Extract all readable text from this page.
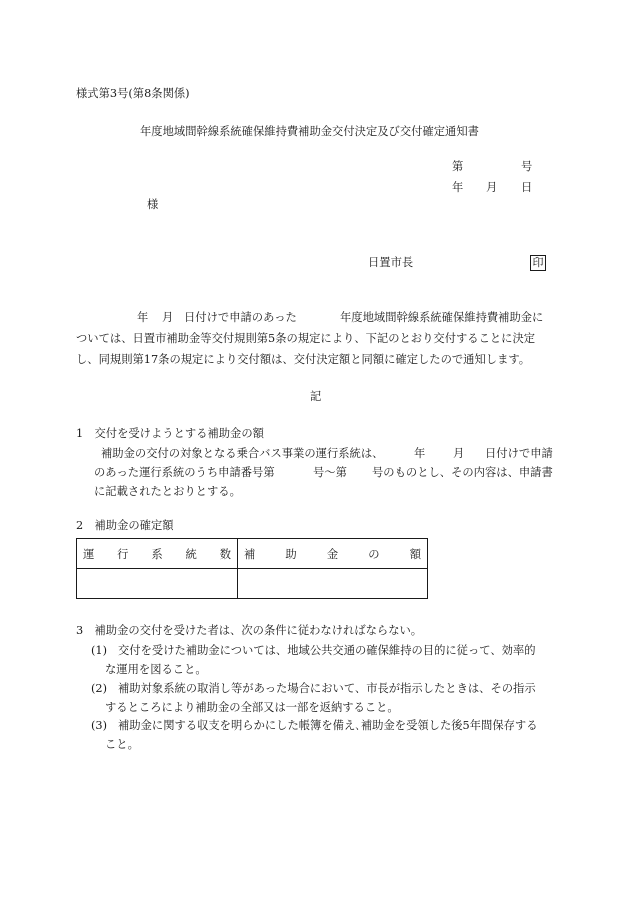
様式第3号(第8条関係)
年度地域間幹線系統確保維持費補助金交付決定及び交付確定通知書
第	号
年 月 日
様
日置市長	印
年 月 日付けで申請のあった	年度地域間幹線系統確保維持費補助金に
ついては、日置市補助金等交付規則第5条の規定により、下記のとおり交付することに決定
し、同規則第17条の規定により交付額は、交付決定額と同額に確定したので通知します。
記
1　交付を受けようとする補助金の額
補助金の交付の対象となる乗合バス事業の運行系統は、	年 月 日付けで申請
のあった運行系統のうち申請番号第	号～第 号のものとし、その内容は、申請書
に記載されたとおりとする。
2　補助金の確定額
運 行 系 統 数	補 助 金 の 額

3　補助金の交付を受けた者は、次の条件に従わなければならない。
(1) 交付を受けた補助金については、地域公共交通の確保維持の目的に従って、効率的
な運用を図ること。
(2) 補助対象系統の取消し等があった場合において、市長が指示したときは、その指示
するところにより補助金の全部又は一部を返納すること。
(3) 補助金に関する収支を明らかにした帳簿を備え､補助金を受領した後5年間保存する
こと。
